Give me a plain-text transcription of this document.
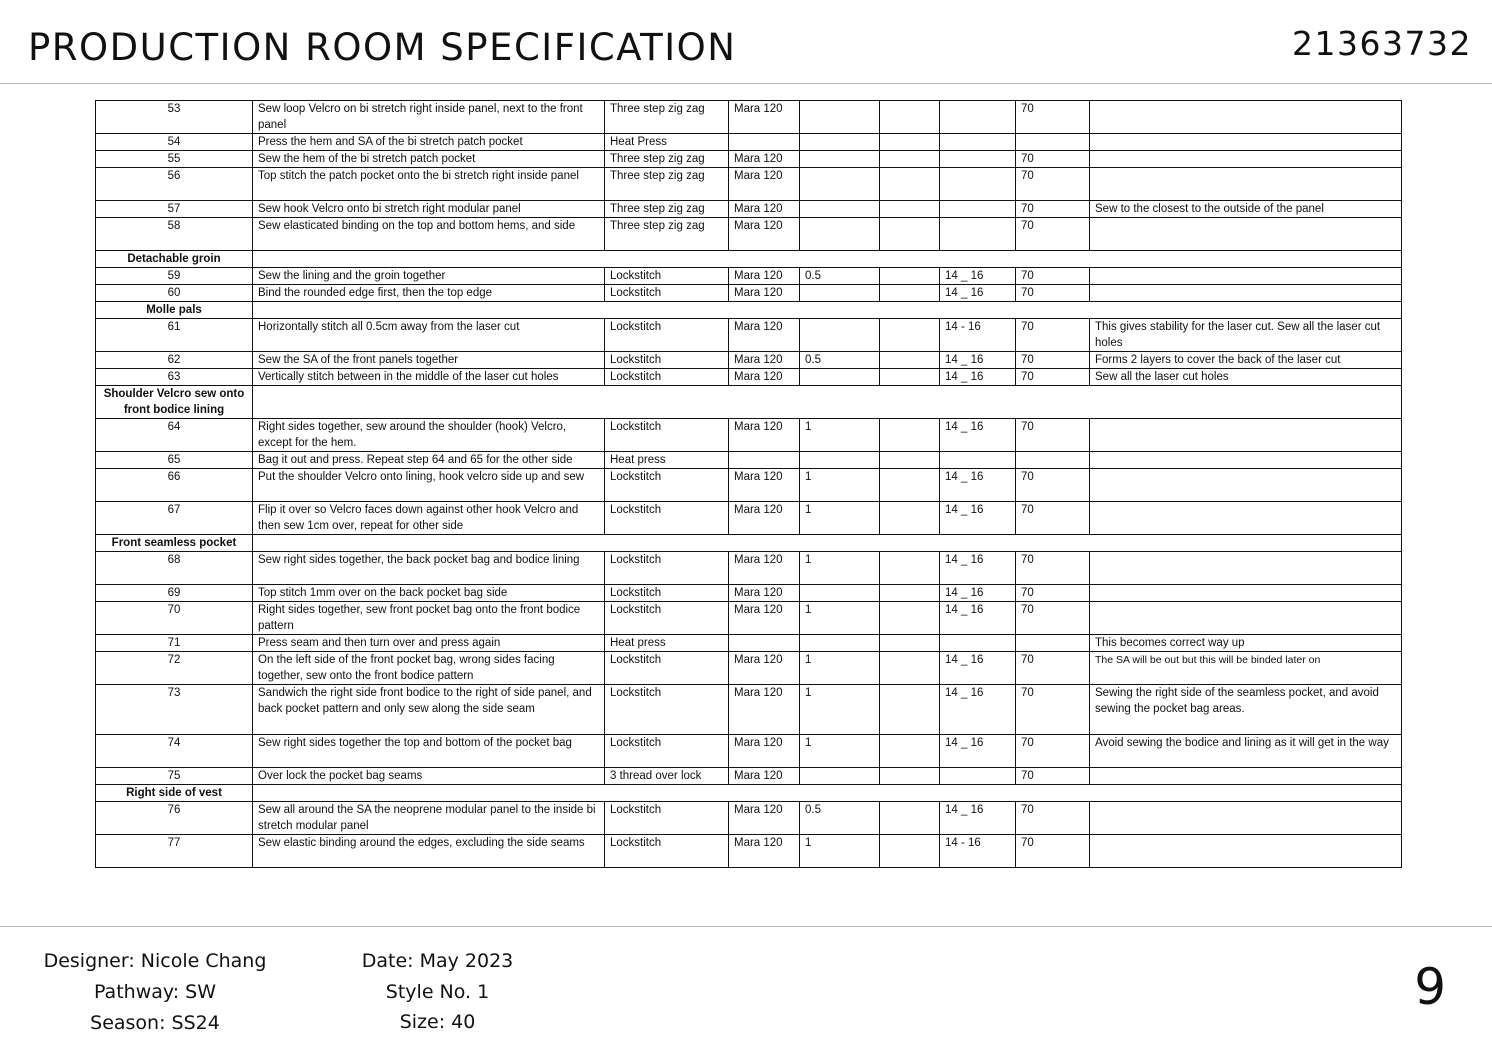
PRODUCTION ROOM SPECIFICATION	21363732
53	Sew loop Velcro on bi stretch right inside panel, next to the front panel	Three step zig zag	Mara 120				70	
54	Press the hem and SA of the bi stretch patch pocket	Heat Press						
55	Sew the hem of the bi stretch patch pocket	Three step zig zag	Mara 120				70	
56	Top stitch the patch pocket onto the bi stretch right inside panel	Three step zig zag	Mara 120				70	
57	Sew hook Velcro onto bi stretch right modular panel	Three step zig zag	Mara 120				70	Sew to the closest to the outside of the panel
58	Sew elasticated binding on the top and bottom hems, and side	Three step zig zag	Mara 120				70	
Detachable groin								
59	Sew the lining and the groin together	Lockstitch	Mara 120	0.5		14 _ 16	70	
60	Bind the rounded edge first, then the top edge	Lockstitch	Mara 120			14 _ 16	70	
Molle pals								
61	Horizontally stitch all 0.5cm away from the laser cut	Lockstitch	Mara 120			14 - 16	70	This gives stability for the laser cut. Sew all the laser cut holes
62	Sew the SA of the front panels together	Lockstitch	Mara 120	0.5		14 _ 16	70	Forms 2 layers to cover the back of the laser cut
63	Vertically stitch between in the middle of the laser cut holes	Lockstitch	Mara 120			14 _ 16	70	Sew all the laser cut holes
Shoulder Velcro sew onto front bodice lining								
64	Right sides together, sew around the shoulder (hook) Velcro, except for the hem.	Lockstitch	Mara 120	1		14 _ 16	70	
65	Bag it out and press. Repeat step 64 and 65 for the other side	Heat press						
66	Put the shoulder Velcro onto lining, hook velcro side up and sew	Lockstitch	Mara 120	1		14 _ 16	70	
67	Flip it over so Velcro faces down against other hook Velcro and then sew 1cm over, repeat for other side	Lockstitch	Mara 120	1		14 _ 16	70	
Front seamless pocket								
68	Sew right sides together, the back pocket bag and bodice lining	Lockstitch	Mara 120	1		14 _ 16	70	
69	Top stitch 1mm over on the back pocket bag side	Lockstitch	Mara 120			14 _ 16	70	
70	Right sides together, sew front pocket bag onto the front bodice pattern	Lockstitch	Mara 120	1		14 _ 16	70	
71	Press seam and then turn over and press again	Heat press						This becomes correct way up
72	On the left side of the front pocket bag, wrong sides facing together, sew onto the front bodice pattern	Lockstitch	Mara 120	1		14 _ 16	70	The SA will be out but this will be binded later on
73	Sandwich the right side front bodice to the right of side panel, and back pocket pattern and only sew along the side seam	Lockstitch	Mara 120	1		14 _ 16	70	Sewing the right side of the seamless pocket, and avoid sewing the pocket bag areas.
74	Sew right sides together the top and bottom of the pocket bag	Lockstitch	Mara 120	1		14 _ 16	70	Avoid sewing the bodice and lining as it will get in the way
75	Over lock the pocket bag seams	3 thread over lock	Mara 120				70	
Right side of vest								
76	Sew all around the SA the neoprene modular panel to the inside bi stretch modular panel	Lockstitch	Mara 120	0.5		14 _ 16	70	
77	Sew elastic binding around the edges, excluding the side seams	Lockstitch	Mara 120	1		14 - 16	70	
Designer: Nicole Chang
Pathway: SW
Season: SS24
Date: May 2023
Style No. 1
Size: 40
9
